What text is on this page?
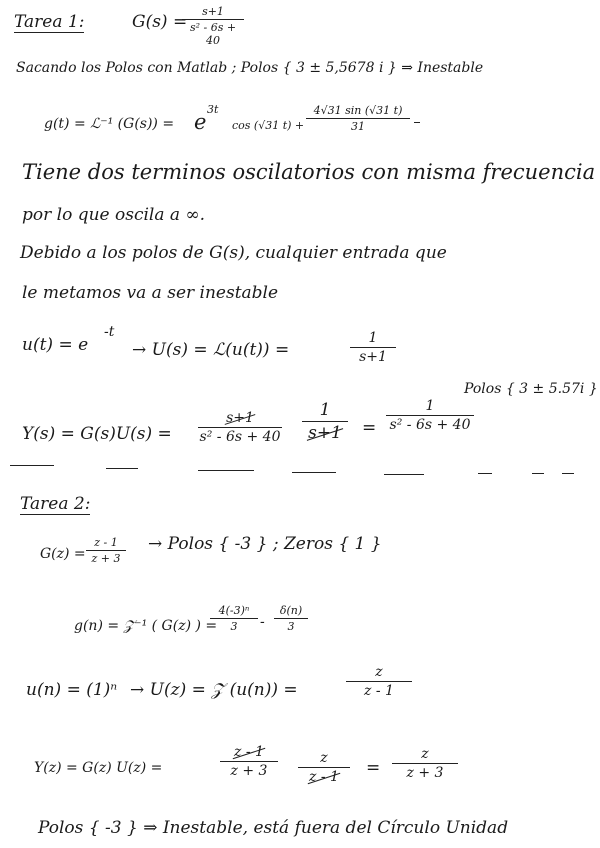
Tarea 1:	G(s) =
$\frac{s+1}{\text{s² - 6s + 40}}$
Sacando los Polos con Matlab ; Polos { 3 ± 5,5678 i } ⇒ Inestable
g(t) = ℒ⁻¹ (G(s)) = e
3t
cos (√31 $t) + \frac{4√31 \sin (√31 t)}{31}$
Tiene dos terminos oscilatorios con misma frecuencia
por lo que oscila a ∞.
Debido a los polos de G(s), cualquier entrada que
le metamos va a ser inestable
u(t) = e
-t
→ U(s) = ℒ(u(t)) =	$\frac{1}{s+1}$
Polos { 3 ± 5.57i }
$Y(s) = G(s)U(s) = \frac{s+1}{\text{s² - 6s + 40}} \frac{1}{s+1} = \frac{1}{\text{s² - 6s + 40}}$
Tarea 2:
$G(z) = \frac{z - 1}{z + 3}$ → Polos { -3 } ; Zeros { 1 }
g(n) = 𝒵⁻¹ ( G(z) ) =
$\frac{\text{4(-3)ⁿ}}{3} - \frac{\delta(n)}{3}$
u(n) = (1)ⁿ → U(z) = 𝒵 (u(n)) =	$\frac{z}{z - 1}$
Y(z) = G(z) U(z) =	$\frac{z - 1}{z + 3} \frac{z}{z - 1} = \frac{z}{z + 3}$
Polos { -3 } ⇒ Inestable, está fuera del Círculo Unidad
